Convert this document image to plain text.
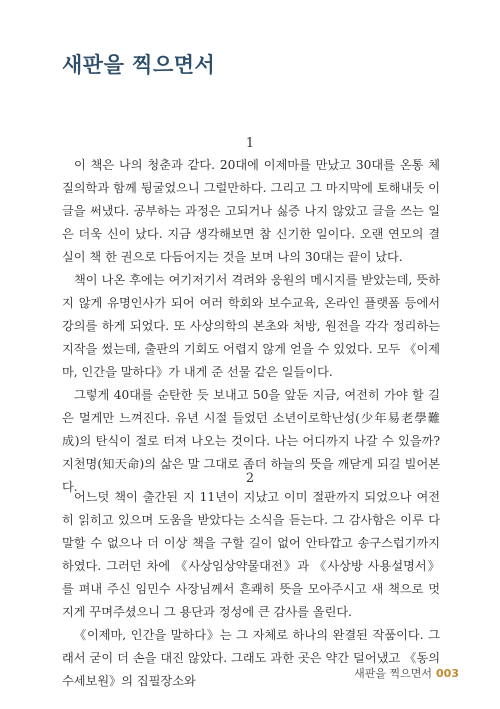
새판을 찍으면서
1

이 책은 나의 청춘과 같다. 20대에 이제마를 만났고 30대를 온통 체질의학과 함께 뒹굴었으니 그럴만하다. 그리고 그 마지막에 토해내듯 이 글을 써냈다. 공부하는 과정은 고되거나 싫증 나지 않았고 글을 쓰는 일은 더욱 신이 났다. 지금 생각해보면 참 신기한 일이다. 오랜 연모의 결실이 책 한 권으로 다듬어지는 것을 보며 나의 30대는 끝이 났다.

책이 나온 후에는 여기저기서 격려와 응원의 메시지를 받았는데, 뜻하지 않게 유명인사가 되어 여러 학회와 보수교육, 온라인 플랫폼 등에서 강의를 하게 되었다. 또 사상의학의 본초와 처방, 원전을 각각 정리하는 지작을 썼는데, 출판의 기회도 어렵지 않게 얻을 수 있었다. 모두 《이제마, 인간을 말하다》가 내게 준 선물 같은 일들이다.

그렇게 40대를 순탄한 듯 보내고 50을 앞둔 지금, 여전히 가야 할 길은 멀게만 느껴진다. 유년 시절 들었던 소년이로학난성(少年易老學難成)의 탄식이 절로 터져 나오는 것이다. 나는 어디까지 나갈 수 있을까? 지천명(知天命)의 삶은 말 그대로 좀더 하늘의 뜻을 깨닫게 되길 빌어본다.

2

어느덧 책이 출간된 지 11년이 지났고 이미 절판까지 되었으나 여전히 읽히고 있으며 도움을 받았다는 소식을 듣는다. 그 감사함은 이루 다 말할 수 없으나 더 이상 책을 구할 길이 없어 안타깝고 송구스럽기까지 하였다. 그러던 차에 《사상임상약물대전》과 《사상방 사용설명서》를 펴내 주신 임민수 사장님께서 흔쾌히 뜻을 모아주시고 새 책으로 멋지게 꾸며주셨으니 그 용단과 정성에 큰 감사를 올린다.

《이제마, 인간을 말하다》는 그 자체로 하나의 완결된 작품이다. 그래서 굳이 더 손을 대진 않았다. 그래도 과한 곳은 약간 덜어냈고 《동의수세보원》의 집필장소와

새판을 찍으면서 003
